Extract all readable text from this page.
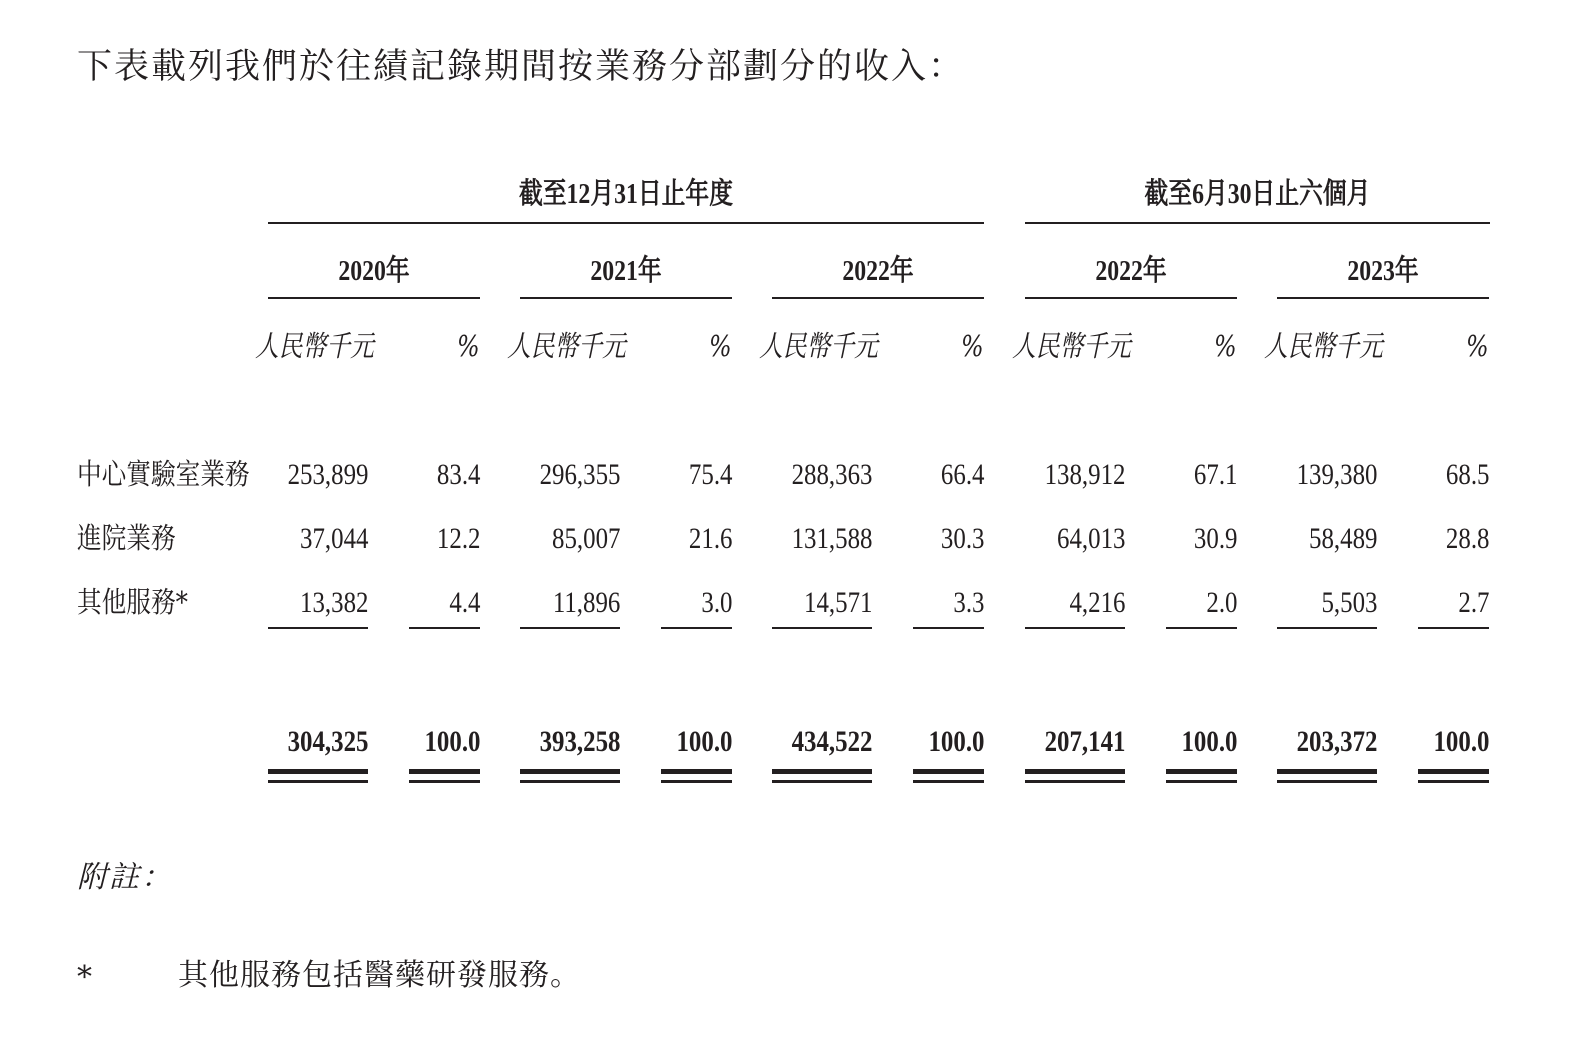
下表載列我們於往績記錄期間按業務分部劃分的收入：
截至12月31日止年度	截至6月30日止六個月
2020年	2021年	2022年	2022年	2023年
人民幣千元	% 人民幣千元	% 人民幣千元	% 人民幣千元	% 人民幣千元	%
中心實驗室業務 253,899 83.4 296,355 75.4 288,363 66.4 138,912 67.1 139,380 68.5
進院業務	37,044 12.2 85,007 21.6 131,588 30.3 64,013 30.9 58,489 28.8
其他服務*	13,382	4.4 11,896	3.0 14,571	3.3	4,216	2.0	5,503	2.7
304,325 100.0 393,258 100.0 434,522 100.0 207,141 100.0 203,372 100.0
附註：
*	其他服務包括醫藥研發服務。
